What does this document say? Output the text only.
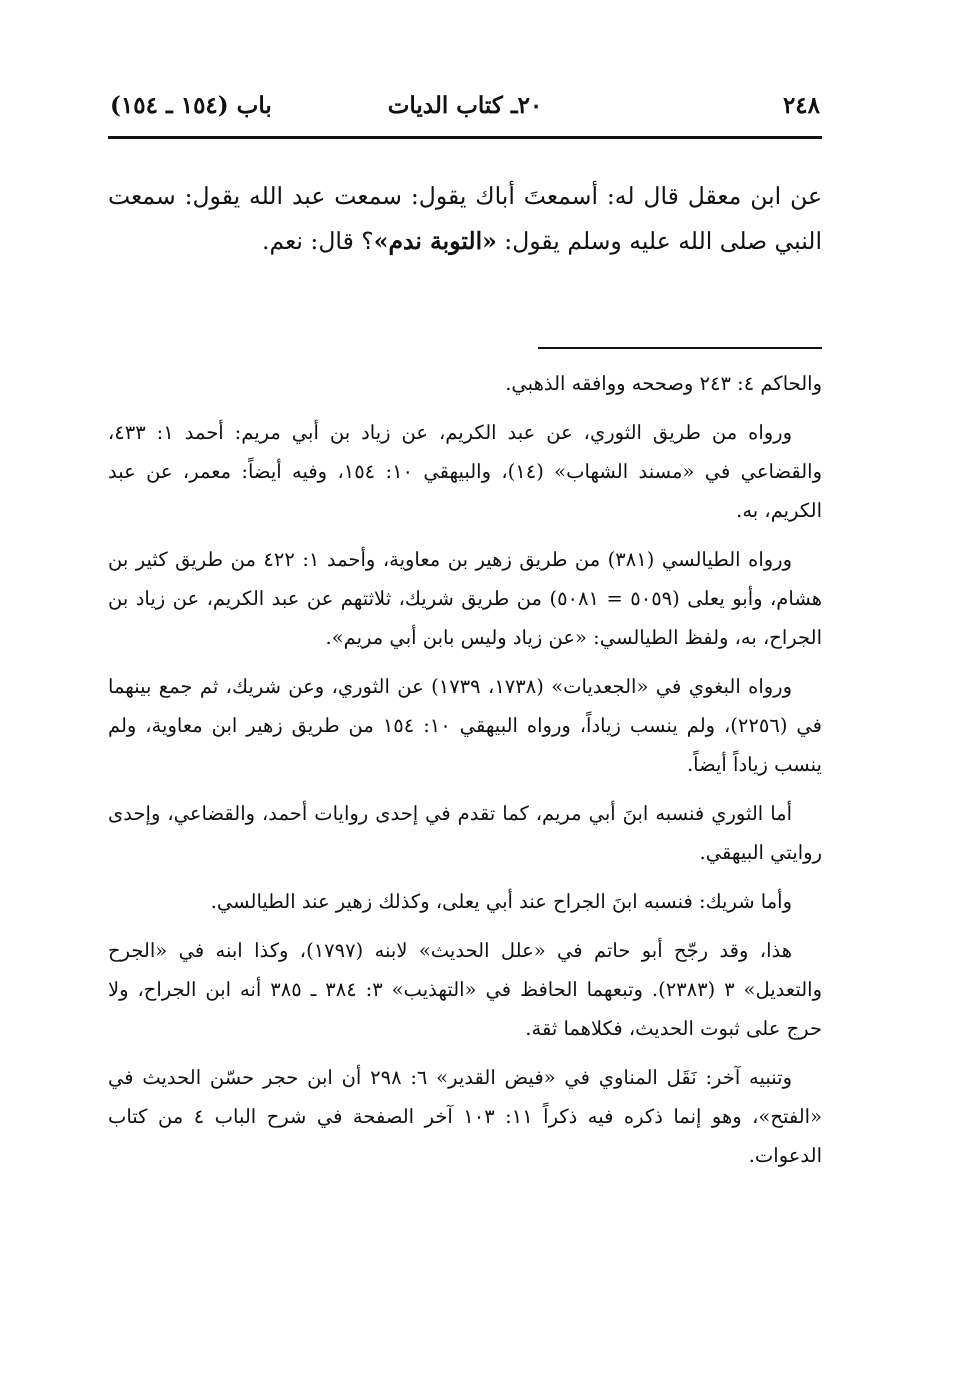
٢٤٨
٢٠ـ كتاب الديات
باب (١٥٤ ـ ١٥٤)

عن ابن معقل قال له: أسمعتَ أباك يقول: سمعت عبد الله يقول: سمعت النبي صلى الله عليه وسلم يقول: «التوبة ندم»؟ قال: نعم.

والحاكم ٤: ٢٤٣ وصححه ووافقه الذهبي.

ورواه من طريق الثوري، عن عبد الكريم، عن زياد بن أبي مريم: أحمد ١: ٤٣٣، والقضاعي في «مسند الشهاب» (١٤)، والبيهقي ١٠: ١٥٤، وفيه أيضاً: معمر، عن عبد الكريم، به.

ورواه الطيالسي (٣٨١) من طريق زهير بن معاوية، وأحمد ١: ٤٢٢ من طريق كثير بن هشام، وأبو يعلى (٥٠٥٩ = ٥٠٨١) من طريق شريك، ثلاثتهم عن عبد الكريم، عن زياد بن الجراح، به، ولفظ الطيالسي: «عن زياد وليس بابن أبي مريم».

ورواه البغوي في «الجعديات» (١٧٣٨، ١٧٣٩) عن الثوري، وعن شريك، ثم جمع بينهما في (٢٢٥٦)، ولم ينسب زياداً، ورواه البيهقي ١٠: ١٥٤ من طريق زهير ابن معاوية، ولم ينسب زياداً أيضاً.

أما الثوري فنسبه ابنَ أبي مريم، كما تقدم في إحدى روايات أحمد، والقضاعي، وإحدى روايتي البيهقي.

وأما شريك: فنسبه ابنَ الجراح عند أبي يعلى، وكذلك زهير عند الطيالسي.

هذا، وقد رجّح أبو حاتم في «علل الحديث» لابنه (١٧٩٧)، وكذا ابنه في «الجرح والتعديل» ٣ (٢٣٨٣). وتبعهما الحافظ في «التهذيب» ٣: ٣٨٤ ـ ٣٨٥ أنه ابن الجراح، ولا حرج على ثبوت الحديث، فكلاهما ثقة.

وتنبيه آخر: نَقَل المناوي في «فيض القدير» ٦: ٢٩٨ أن ابن حجر حسّن الحديث في «الفتح»، وهو إنما ذكره فيه ذكراً ١١: ١٠٣ آخر الصفحة في شرح الباب ٤ من كتاب الدعوات.
